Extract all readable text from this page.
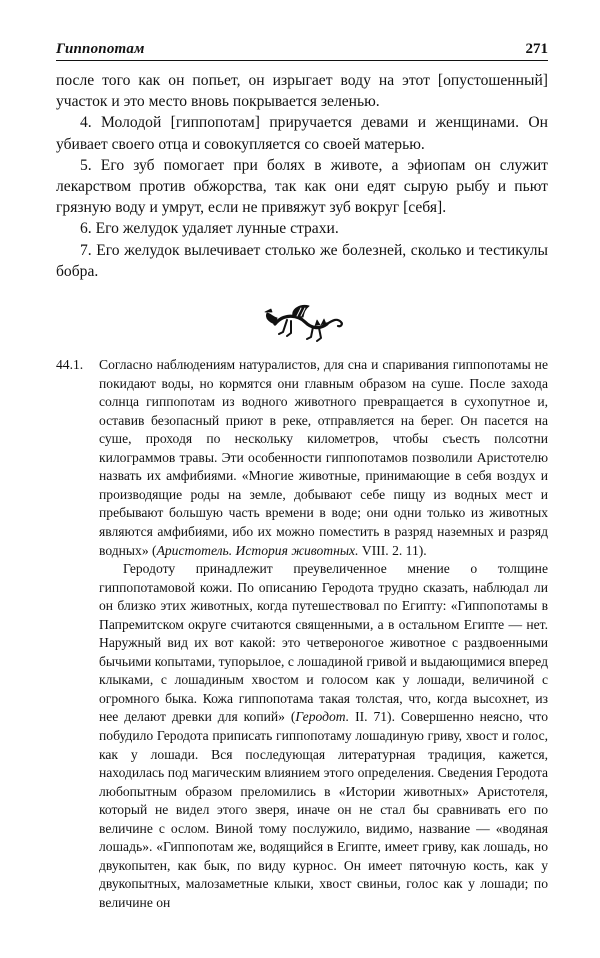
Гиппопотам	271

после того как он попьет, он изрыгает воду на этот [опустошенный] участок и это место вновь покрывается зеленью.

4. Молодой [гиппопотам] приручается девами и женщинами. Он убивает своего отца и совокупляется со своей матерью.

5. Его зуб помогает при болях в животе, а эфиопам он служит лекарством против обжорства, так как они едят сырую рыбу и пьют грязную воду и умрут, если не привяжут зуб вокруг [себя].

6. Его желудок удаляет лунные страхи.

7. Его желудок вылечивает столько же болезней, сколько и тестикулы бобра.

44.1.	Согласно наблюдениям натуралистов, для сна и спаривания гиппопотамы не покидают воды, но кормятся они главным образом на суше. После захода солнца гиппопотам из водного животного превращается в сухопутное и, оставив безопасный приют в реке, отправляется на берег. Он пасется на суше, проходя по нескольку километров, чтобы съесть полсотни килограммов травы. Эти особенности гиппопотамов позволили Аристотелю назвать их амфибиями. «Многие животные, принимающие в себя воздух и производящие роды на земле, добывают себе пищу из водных мест и пребывают большую часть времени в воде; они одни только из животных являются амфибиями, ибо их можно поместить в разряд наземных и разряд водных» (Аристотель. История животных. VIII. 2. 11).

Геродоту принадлежит преувеличенное мнение о толщине гиппопотамовой кожи. По описанию Геродота трудно сказать, наблюдал ли он близко этих животных, когда путешествовал по Египту: «Гиппопотамы в Папремитском округе считаются священными, а в остальном Египте — нет. Наружный вид их вот какой: это четвероногое животное с раздвоенными бычьими копытами, тупорылое, с лошадиной гривой и выдающимися вперед клыками, с лошадиным хвостом и голосом как у лошади, величиной с огромного быка. Кожа гиппопотама такая толстая, что, когда высохнет, из нее делают древки для копий» (Геродот. II. 71). Совершенно неясно, что побудило Геродота приписать гиппопотаму лошадиную гриву, хвост и голос, как у лошади. Вся последующая литературная традиция, кажется, находилась под магическим влиянием этого определения. Сведения Геродота любопытным образом преломились в «Истории животных» Аристотеля, который не видел этого зверя, иначе он не стал бы сравнивать его по величине с ослом. Виной тому послужило, видимо, название — «водяная лошадь». «Гиппопотам же, водящийся в Египте, имеет гриву, как лошадь, но двукопытен, как бык, по виду курнос. Он имеет пяточную кость, как у двукопытных, малозаметные клыки, хвост свиньи, голос как у лошади; по величине он
